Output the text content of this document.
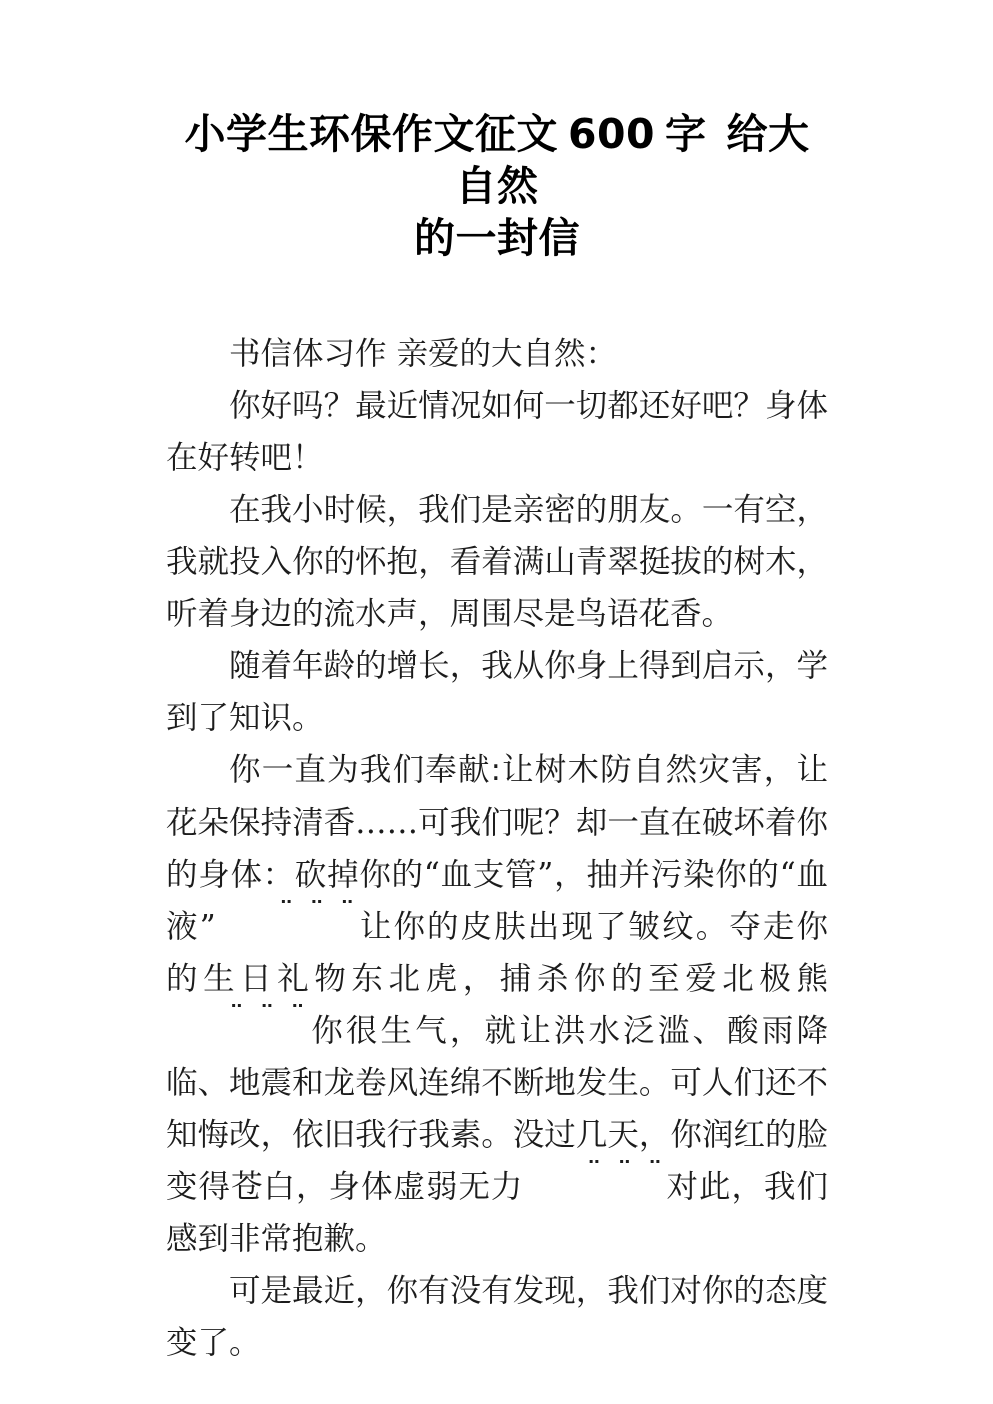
小学生环保作文征文 600 字 给大自然
的一封信

书信体习作 亲爱的大自然：

你好吗？最近情况如何一切都还好吧？身体在好转吧！

在我小时候，我们是亲密的朋友。一有空，我就投入你的怀抱，看着满山青翠挺拔的树木，听着身边的流水声，周围尽是鸟语花香。

随着年龄的增长，我从你身上得到启示，学到了知识。

你一直为我们奉献:让树木防自然灾害，让花朵保持清香……可我们呢？却一直在破坏着你的身体：砍掉你的“血支管”，抽并污染你的“血液” ¨ ¨ ¨让你的皮肤出现了皱纹。夺走你的生日礼物东北虎，捕杀你的至爱北极熊¨ ¨ ¨你很生气，就让洪水泛滥、酸雨降临、地震和龙卷风连绵不断地发生。可人们还不知悔改，依旧我行我素。没过几天，你润红的脸变得苍白，身体虚弱无力 ¨ ¨ ¨对此，我们感到非常抱歉。

可是最近，你有没有发现，我们对你的态度变了。
